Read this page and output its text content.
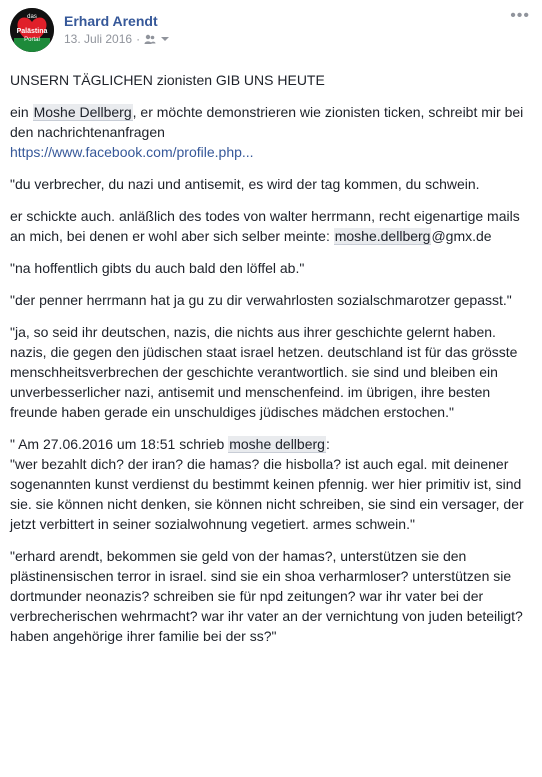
das
Palästina
Portal
Erhard Arendt
13. Juli 2016 ·
•••

UNSERN TÄGLICHEN zionisten GIB UNS HEUTE

ein Moshe Dellberg, er möchte demonstrieren wie zionisten ticken, schreibt mir bei den nachrichtenanfragen
https://www.facebook.com/profile.php...

"du verbrecher, du nazi und antisemit, es wird der tag kommen, du schwein.

er schickte auch. anläßlich des todes von walter herrmann, recht eigenartige mails an mich, bei denen er wohl aber sich selber meinte: moshe.dellberg@gmx.de

"na hoffentlich gibts du auch bald den löffel ab."

"der penner herrmann hat ja gu zu dir verwahrlosten sozialschmarotzer gepasst."

"ja, so seid ihr deutschen, nazis, die nichts aus ihrer geschichte gelernt haben. nazis, die gegen den jüdischen staat israel hetzen. deutschland ist für das grösste menschheitsverbrechen der geschichte verantwortlich. sie sind und bleiben ein unverbesserlicher nazi, antisemit und menschenfeind. im übrigen, ihre besten freunde haben gerade ein unschuldiges jüdisches mädchen erstochen."

" Am 27.06.2016 um 18:51 schrieb moshe dellberg:
"wer bezahlt dich? der iran? die hamas? die hisbolla? ist auch egal. mit deinener sogenannten kunst verdienst du bestimmt keinen pfennig. wer hier primitiv ist, sind sie. sie können nicht denken, sie können nicht schreiben, sie sind ein versager, der jetzt verbittert in seiner sozialwohnung vegetiert. armes schwein."

"erhard arendt, bekommen sie geld von der hamas?, unterstützen sie den plästinensischen terror in israel. sind sie ein shoa verharmloser? unterstützen sie dortmunder neonazis? schreiben sie für npd zeitungen? war ihr vater bei der verbrecherischen wehrmacht? war ihr vater an der vernichtung von juden beteiligt? haben angehörige ihrer familie bei der ss?"
